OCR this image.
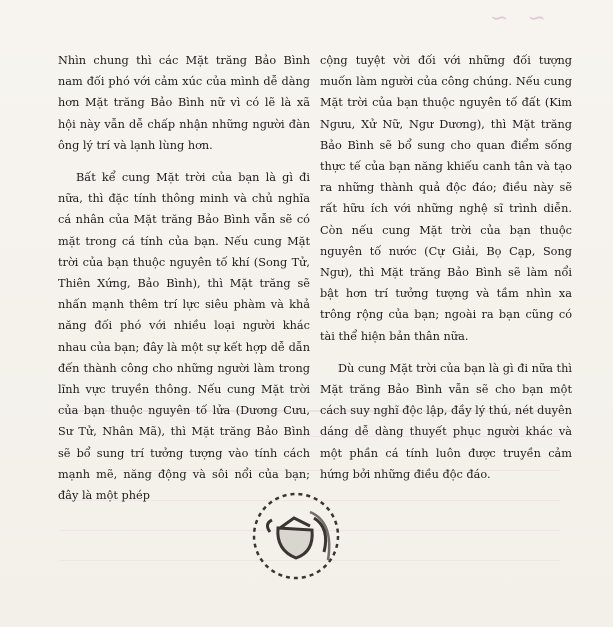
∽ ∽

Nhìn chung thì các Mặt trăng Bảo Bình nam đối phó với cảm xúc của mình dễ dàng hơn Mặt trăng Bảo Bình nữ vì có lẽ là xã hội này vẫn dễ chấp nhận những người đàn ông lý trí và lạnh lùng hơn.

Bất kể cung Mặt trời của bạn là gì đi nữa, thì đặc tính thông minh và chủ nghĩa cá nhân của Mặt trăng Bảo Bình vẫn sẽ có mặt trong cá tính của bạn. Nếu cung Mặt trời của bạn thuộc nguyên tố khí (Song Tử, Thiên Xứng, Bảo Bình), thì Mặt trăng sẽ nhấn mạnh thêm trí lực siêu phàm và khả năng đối phó với nhiều loại người khác nhau của bạn; đây là một sự kết hợp dễ dẫn đến thành công cho những người làm trong lĩnh vực truyền thông. Nếu cung Mặt trời của bạn thuộc nguyên tố lửa (Dương Cưu, Sư Tử, Nhân Mã), thì Mặt trăng Bảo Bình sẽ bổ sung trí tưởng tượng vào tính cách mạnh mẽ, năng động và sôi nổi của bạn; đây là một phép

cộng tuyệt vời đối với những đối tượng muốn làm người của công chúng. Nếu cung Mặt trời của bạn thuộc nguyên tố đất (Kim Ngưu, Xử Nữ, Ngư Dương), thì Mặt trăng Bảo Bình sẽ bổ sung cho quan điểm sống thực tế của bạn năng khiếu canh tân và tạo ra những thành quả độc đáo; điều này sẽ rất hữu ích với những nghệ sĩ trình diễn. Còn nếu cung Mặt trời của bạn thuộc nguyên tố nước (Cự Giải, Bọ Cạp, Song Ngư), thì Mặt trăng Bảo Bình sẽ làm nổi bật hơn trí tưởng tượng và tầm nhìn xa trông rộng của bạn; ngoài ra bạn cũng có tài thể hiện bản thân nữa.

Dù cung Mặt trời của bạn là gì đi nữa thì Mặt trăng Bảo Bình vẫn sẽ cho bạn một cách suy nghĩ độc lập, đầy lý thú, nét duyên dáng dễ dàng thuyết phục người khác và một phần cá tính luôn được truyền cảm hứng bởi những điều độc đáo.
